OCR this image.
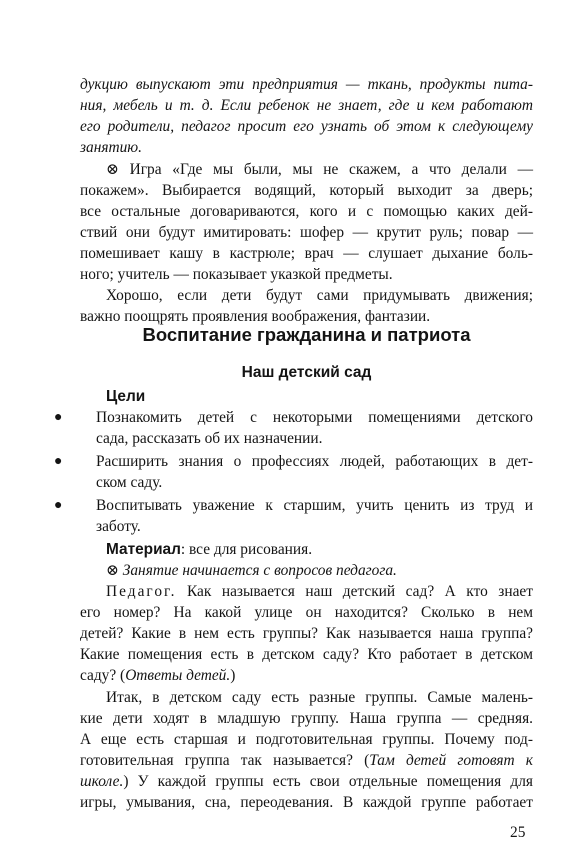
дукцию выпускают эти предприятия — ткань, продукты пита-
ния, мебель и т. д. Если ребенок не знает, где и кем работают
его родители, педагог просит его узнать об этом к следующему
занятию.
⊗ Игра «Где мы были, мы не скажем, а что делали —
покажем». Выбирается водящий, который выходит за дверь;
все остальные договариваются, кого и с помощью каких дей-
ствий они будут имитировать: шофер — крутит руль; повар —
помешивает кашу в кастрюле; врач — слушает дыхание боль-
ного; учитель — показывает указкой предметы.
Хорошо, если дети будут сами придумывать движения;
важно поощрять проявления воображения, фантазии.
Воспитание гражданина и патриота
Наш детский сад
Цели
● Познакомить детей с некоторыми помещениями детского
сада, рассказать об их назначении.
● Расширить знания о профессиях людей, работающих в дет-
ском саду.
● Воспитывать уважение к старшим, учить ценить из труд и
заботу.
Материал: все для рисования.
⊗ Занятие начинается с вопросов педагога.
Педагог. Как называется наш детский сад? А кто знает
его номер? На какой улице он находится? Сколько в нем
детей? Какие в нем есть группы? Как называется наша группа?
Какие помещения есть в детском саду? Кто работает в детском
саду? (Ответы детей.)
Итак, в детском саду есть разные группы. Самые малень-
кие дети ходят в младшую группу. Наша группа — средняя.
А еще есть старшая и подготовительная группы. Почему под-
готовительная группа так называется? (Там детей готовят к
школе.) У каждой группы есть свои отдельные помещения для
игры, умывания, сна, переодевания. В каждой группе работает
25
